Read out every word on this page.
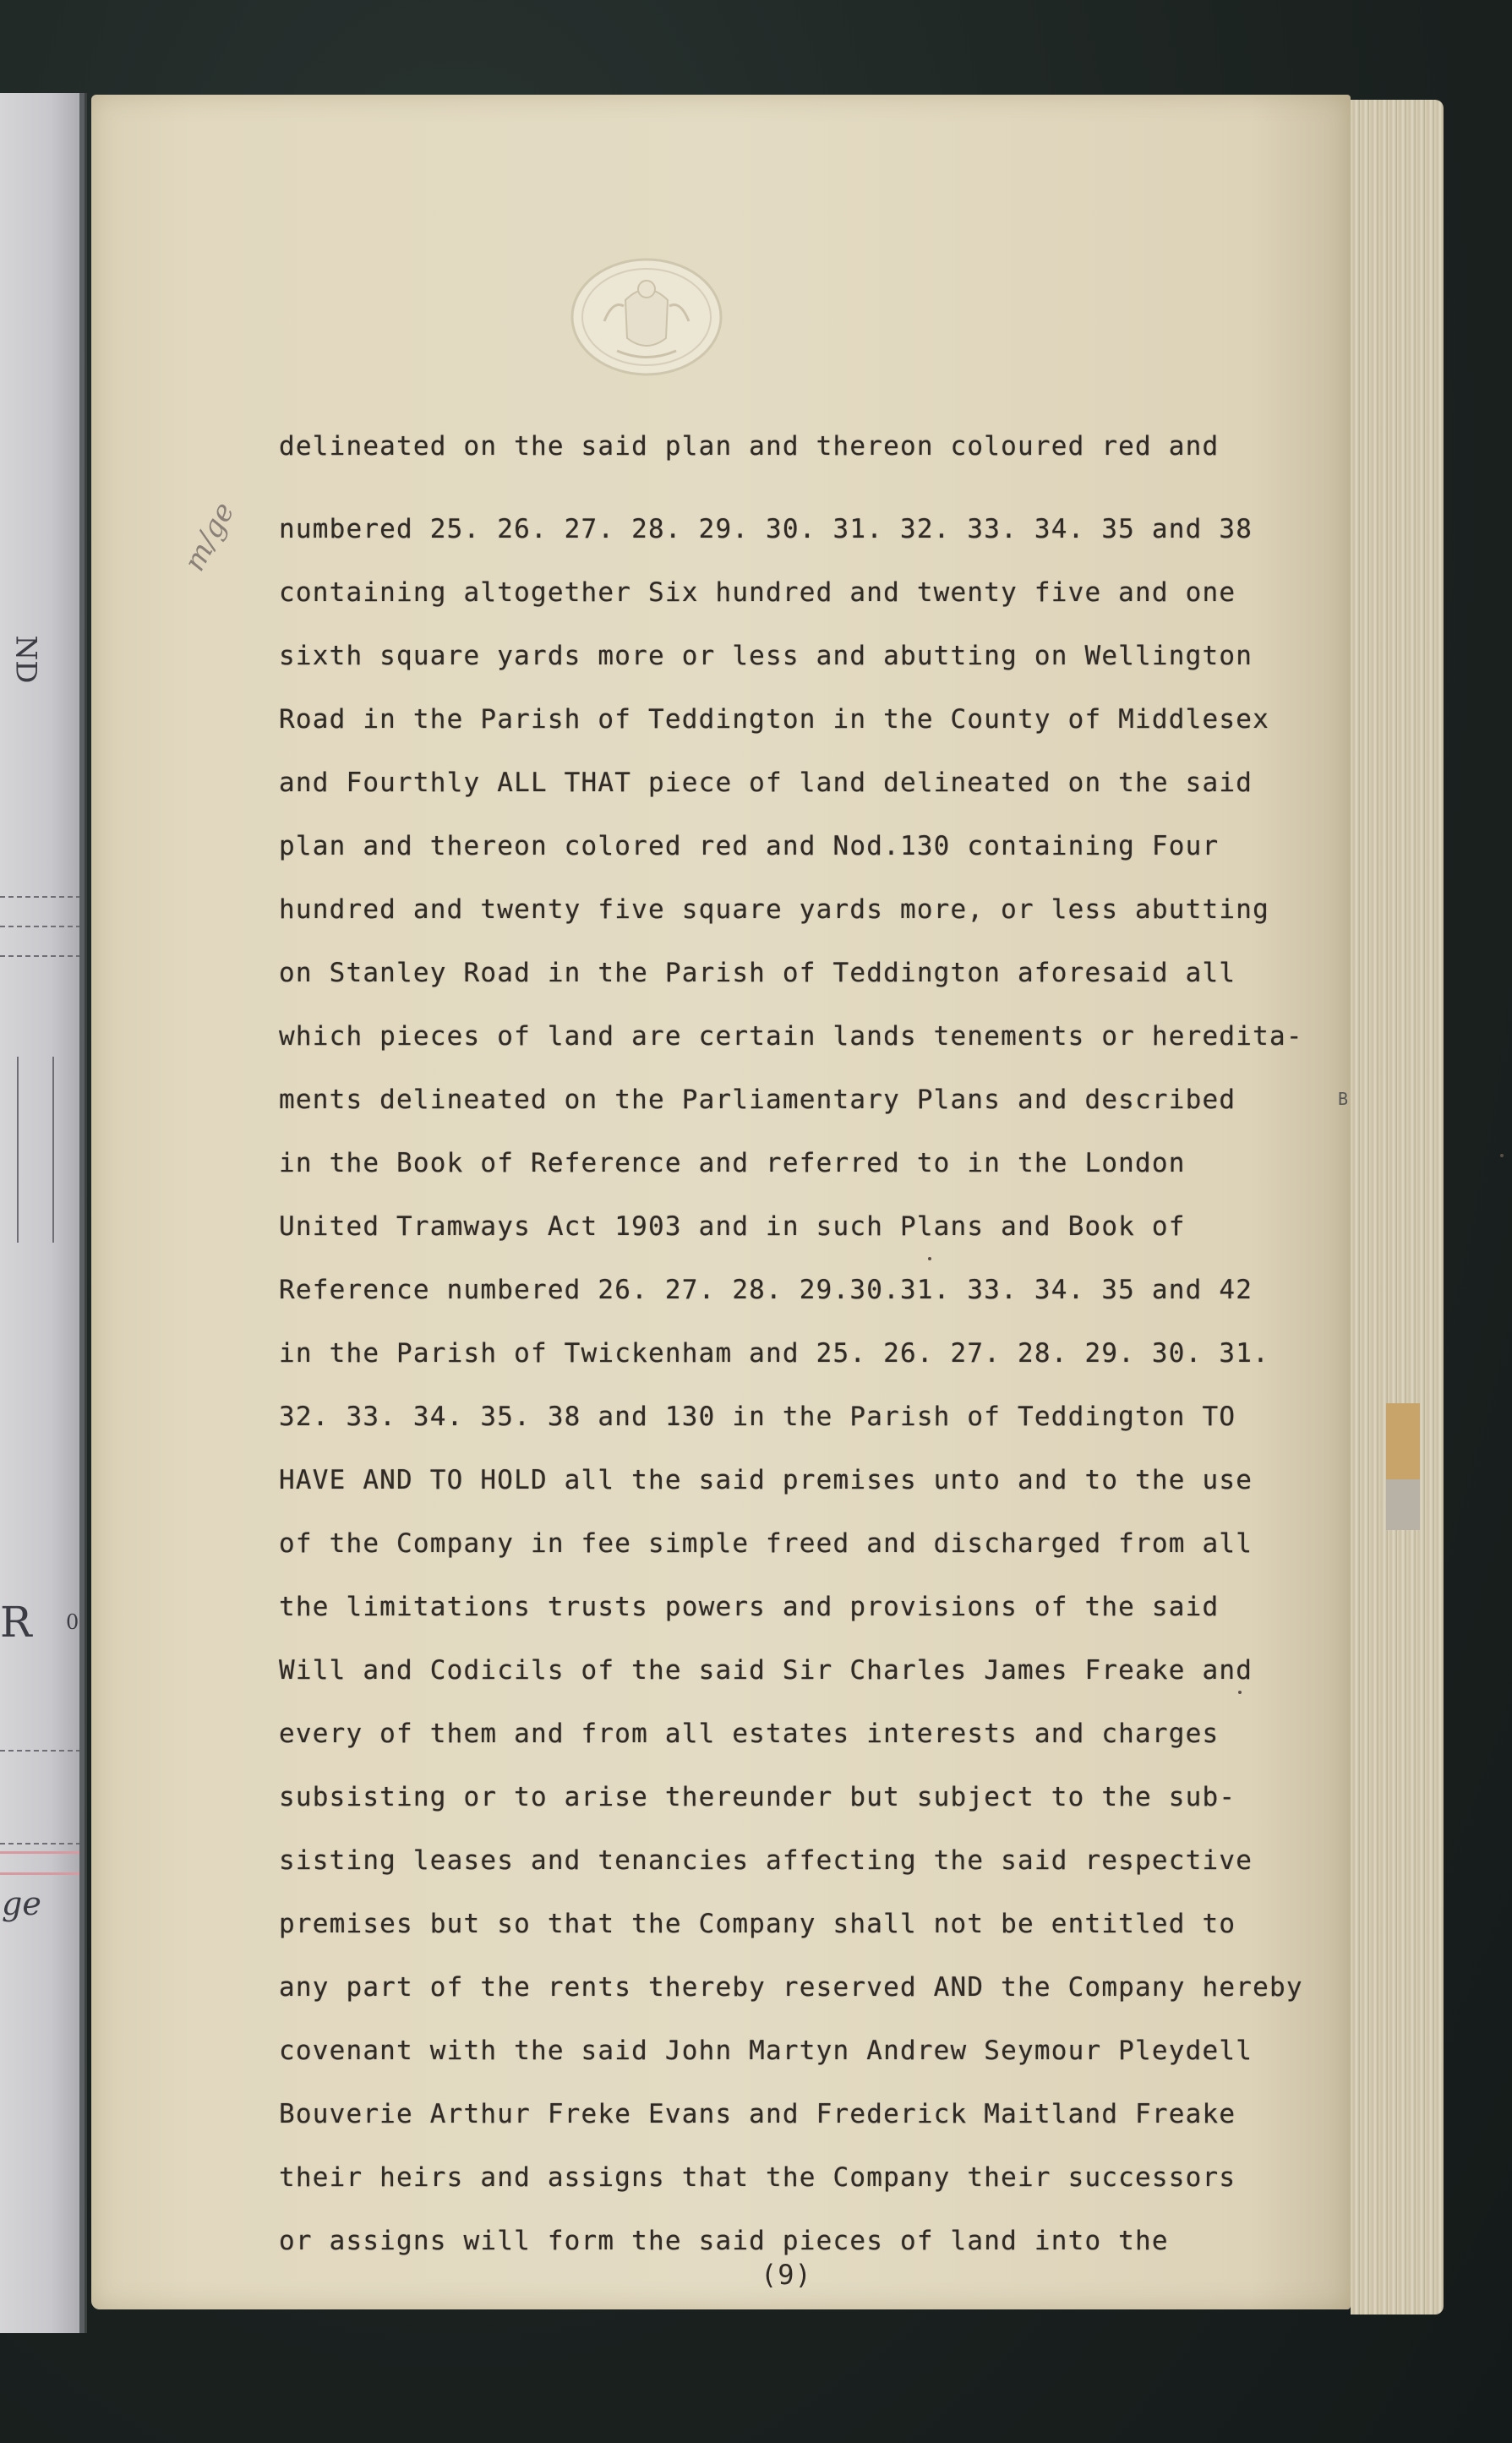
ND
R 0
ge
m/ge
delineated on the said plan and thereon coloured red and
numbered 25. 26. 27. 28. 29. 30. 31. 32. 33. 34. 35 and 38
containing altogether Six hundred and twenty five and one
sixth square yards more or less and abutting on Wellington
Road in the Parish of Teddington in the County of Middlesex
and Fourthly ALL THAT piece of land delineated on the said
plan and thereon colored red and Nod.130 containing Four
hundred and twenty five square yards more, or less abutting
on Stanley Road in the Parish of Teddington aforesaid all
which pieces of land are certain lands tenements or heredita-
ments delineated on the Parliamentary Plans and described
in the Book of Reference and referred to in the London
United Tramways Act 1903 and in such Plans and Book of
Reference numbered 26. 27. 28. 29.30.31. 33. 34. 35 and 42
in the Parish of Twickenham and 25. 26. 27. 28. 29. 30. 31.
32. 33. 34. 35. 38 and 130 in the Parish of Teddington TO
HAVE AND TO HOLD all the said premises unto and to the use
of the Company in fee simple freed and discharged from all
the limitations trusts powers and provisions of the said
Will and Codicils of the said Sir Charles James Freake and
every of them and from all estates interests and charges
subsisting or to arise thereunder but subject to the sub-
sisting leases and tenancies affecting the said respective
premises but so that the Company shall not be entitled to
any part of the rents thereby reserved AND the Company hereby
covenant with the said John Martyn Andrew Seymour Pleydell
Bouverie Arthur Freke Evans and Frederick Maitland Freake
their heirs and assigns that the Company their successors
or assigns will form the said pieces of land into the
B
(9)
